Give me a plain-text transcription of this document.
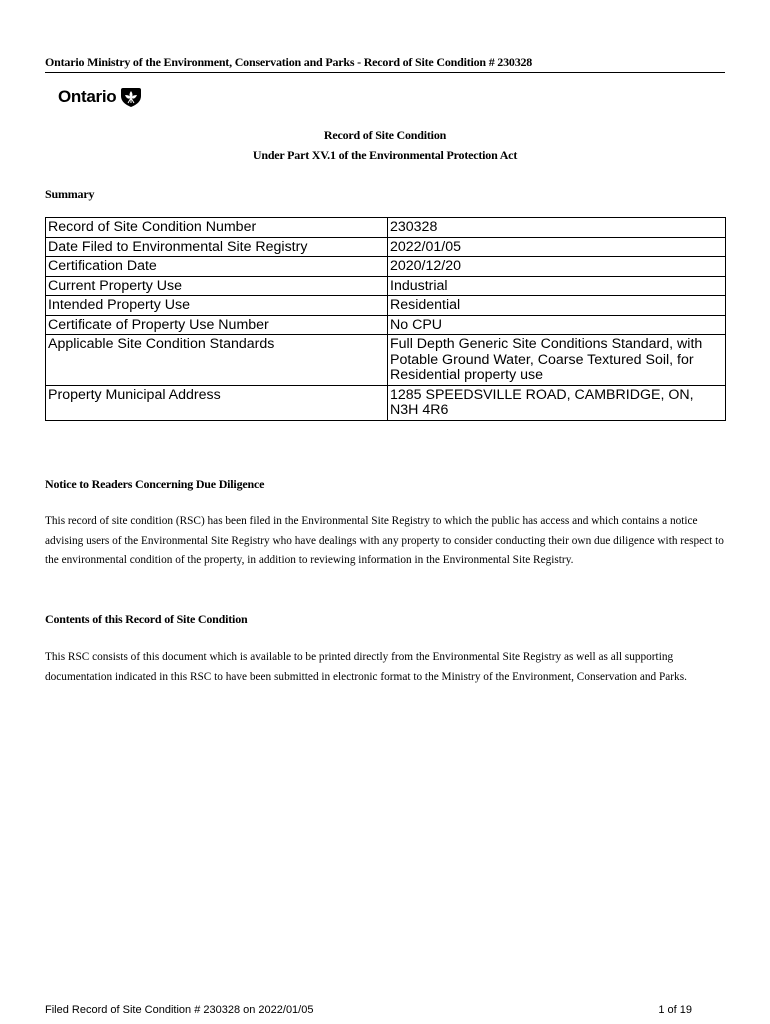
Ontario Ministry of the Environment, Conservation and Parks - Record of Site Condition # 230328
Ontario
Record of Site Condition
Under Part XV.1 of the Environmental Protection Act
Summary
Record of Site Condition Number	230328
Date Filed to Environmental Site Registry	2022/01/05
Certification Date	2020/12/20
Current Property Use	Industrial
Intended Property Use	Residential
Certificate of Property Use Number	No CPU
Applicable Site Condition Standards	Full Depth Generic Site Conditions Standard, with Potable Ground Water, Coarse Textured Soil, for Residential property use
Property Municipal Address	1285 SPEEDSVILLE ROAD, CAMBRIDGE, ON, N3H 4R6
Notice to Readers Concerning Due Diligence
This record of site condition (RSC) has been filed in the Environmental Site Registry to which the public has access and which contains a notice advising users of the Environmental Site Registry who have dealings with any property to consider conducting their own due diligence with respect to the environmental condition of the property, in addition to reviewing information in the Environmental Site Registry.
Contents of this Record of Site Condition
This RSC consists of this document which is available to be printed directly from the Environmental Site Registry as well as all supporting documentation indicated in this RSC to have been submitted in electronic format to the Ministry of the Environment, Conservation and Parks.
Filed Record of Site Condition # 230328 on 2022/01/05	1 of 19
